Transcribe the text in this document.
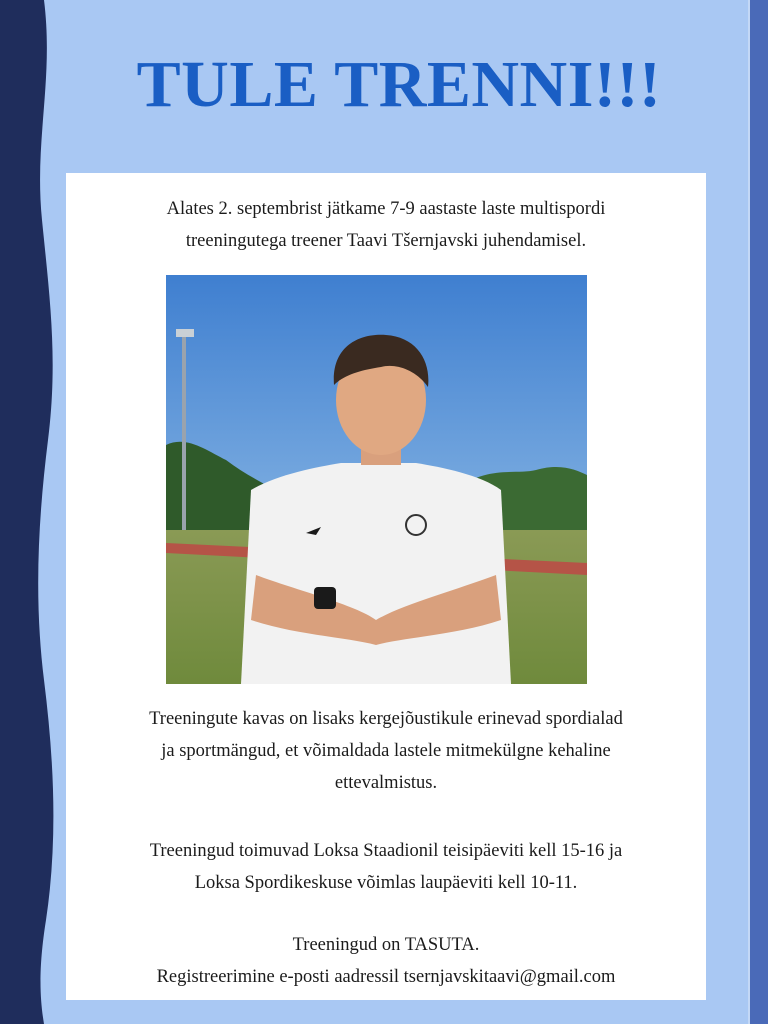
TULE TRENNI!!!

Alates 2. septembrist jätkame 7-9 aastaste laste multispordi
treeningutega treener Taavi Tšernjavski juhendamisel.

Treeningute kavas on lisaks kergejõustikule erinevad spordialad
ja sportmängud, et võimaldada lastele mitmekülgne kehaline
ettevalmistus.

Treeningud toimuvad Loksa Staadionil teisipäeviti kell 15-16 ja
Loksa Spordikeskuse võimlas laupäeviti kell 10-11.

Treeningud on TASUTA.
Registreerimine e-posti aadressil tsernjavskitaavi@gmail.com
